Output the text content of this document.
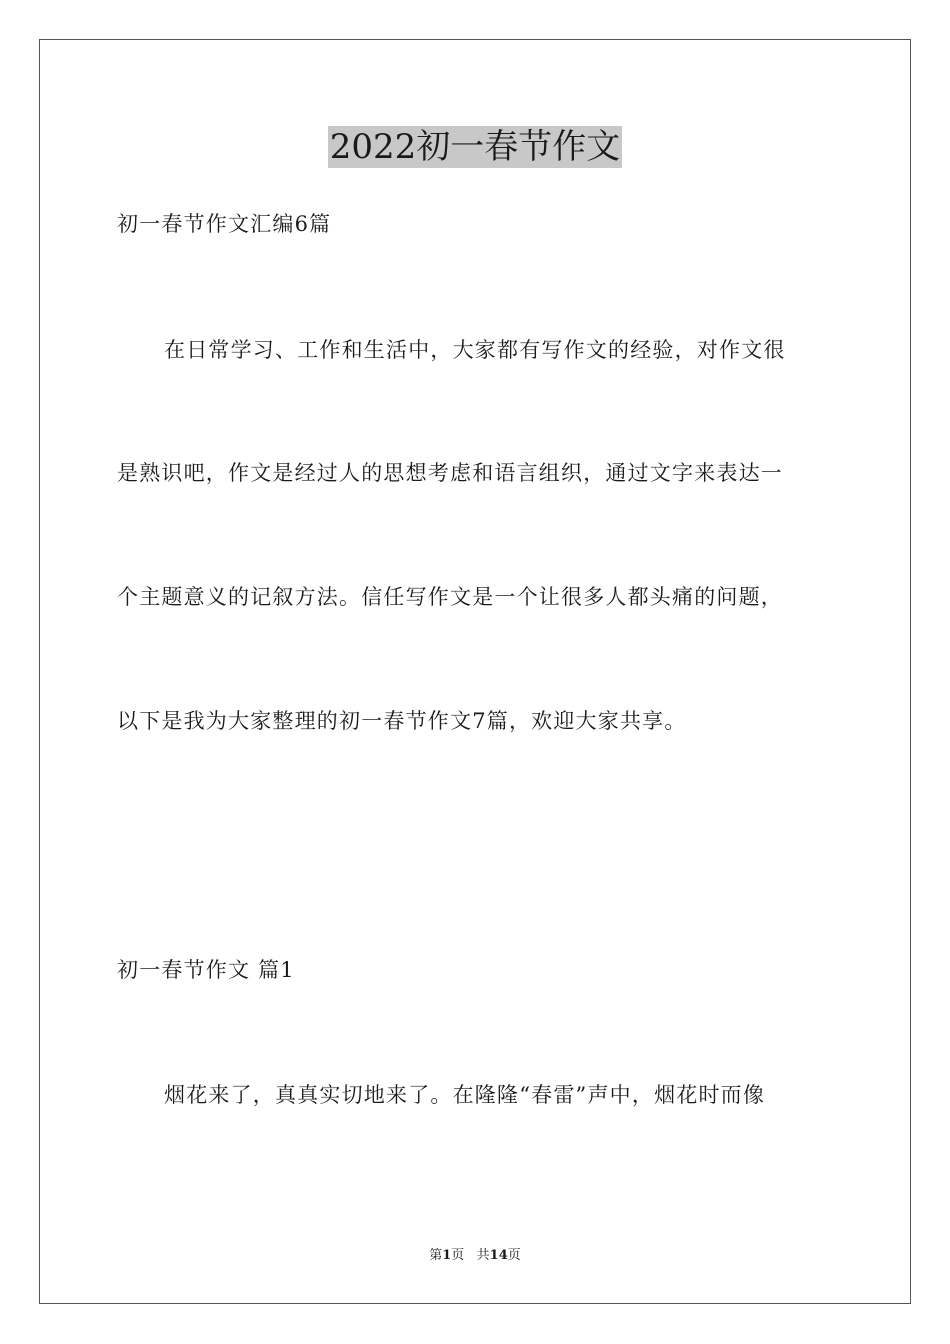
2022初一春节作文
初一春节作文汇编6篇
在日常学习、工作和生活中，大家都有写作文的经验，对作文很
是熟识吧，作文是经过人的思想考虑和语言组织，通过文字来表达一
个主题意义的记叙方法。信任写作文是一个让很多人都头痛的问题，
以下是我为大家整理的初一春节作文7篇，欢迎大家共享。
初一春节作文 篇1
烟花来了，真真实切地来了。在隆隆“春雷”声中，烟花时而像
第1页   共14页
